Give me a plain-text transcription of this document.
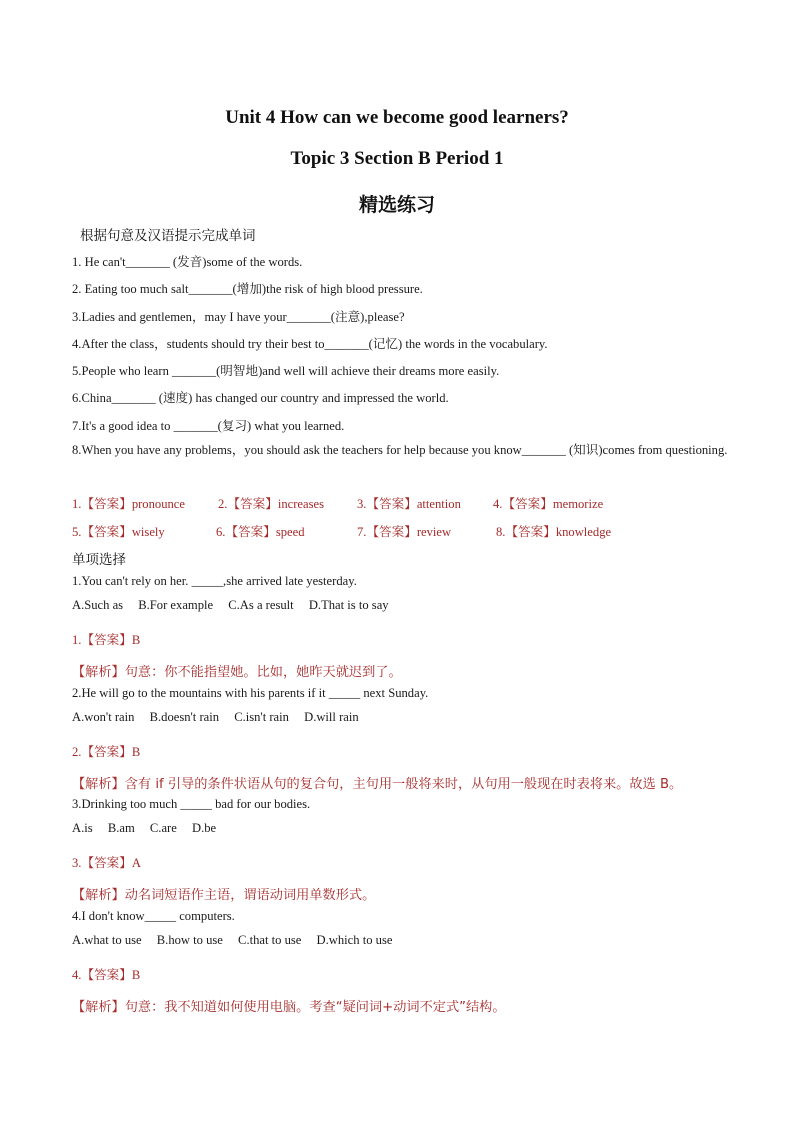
Unit 4 How can we become good learners?
Topic 3 Section B Period 1
精选练习
根据句意及汉语提示完成单词
1. He can't_______ (发音)some of the words.
2. Eating too much salt_______(增加)the risk of high blood pressure.
3.Ladies and gentlemen，may I have your_______(注意),please?
4.After the class，students should try their best to_______(记忆) the words in the vocabulary.
5.People who learn _______(明智地)and well will achieve their dreams more easily.
6.China_______ (速度) has changed our country and impressed the world.
7.It's a good idea to _______(复习) what you learned.
8.When you have any problems，you should ask the teachers for help because you know_______ (知识)comes from questioning.
1.【答案】pronounce	2.【答案】increases	3.【答案】attention	4.【答案】memorize
5.【答案】wisely	6.【答案】speed	7.【答案】review	8.【答案】knowledge
单项选择
1.You can't rely on her. _____,she arrived late yesterday.
A.Such as B.For example C.As a result D.That is to say
1.【答案】B
【解析】句意：你不能指望她。比如，她昨天就迟到了。
2.He will go to the mountains with his parents if it _____ next Sunday.
A.won't rain B.doesn't rain C.isn't rain D.will rain
2.【答案】B
【解析】含有 if 引导的条件状语从句的复合句，主句用一般将来时，从句用一般现在时表将来。故选 B。
3.Drinking too much _____ bad for our bodies.
A.is B.am C.are D.be
3.【答案】A
【解析】动名词短语作主语，谓语动词用单数形式。
4.I don't know_____ computers.
A.what to use B.how to use C.that to use D.which to use
4.【答案】B
【解析】句意：我不知道如何使用电脑。考查“疑问词+动词不定式”结构。
